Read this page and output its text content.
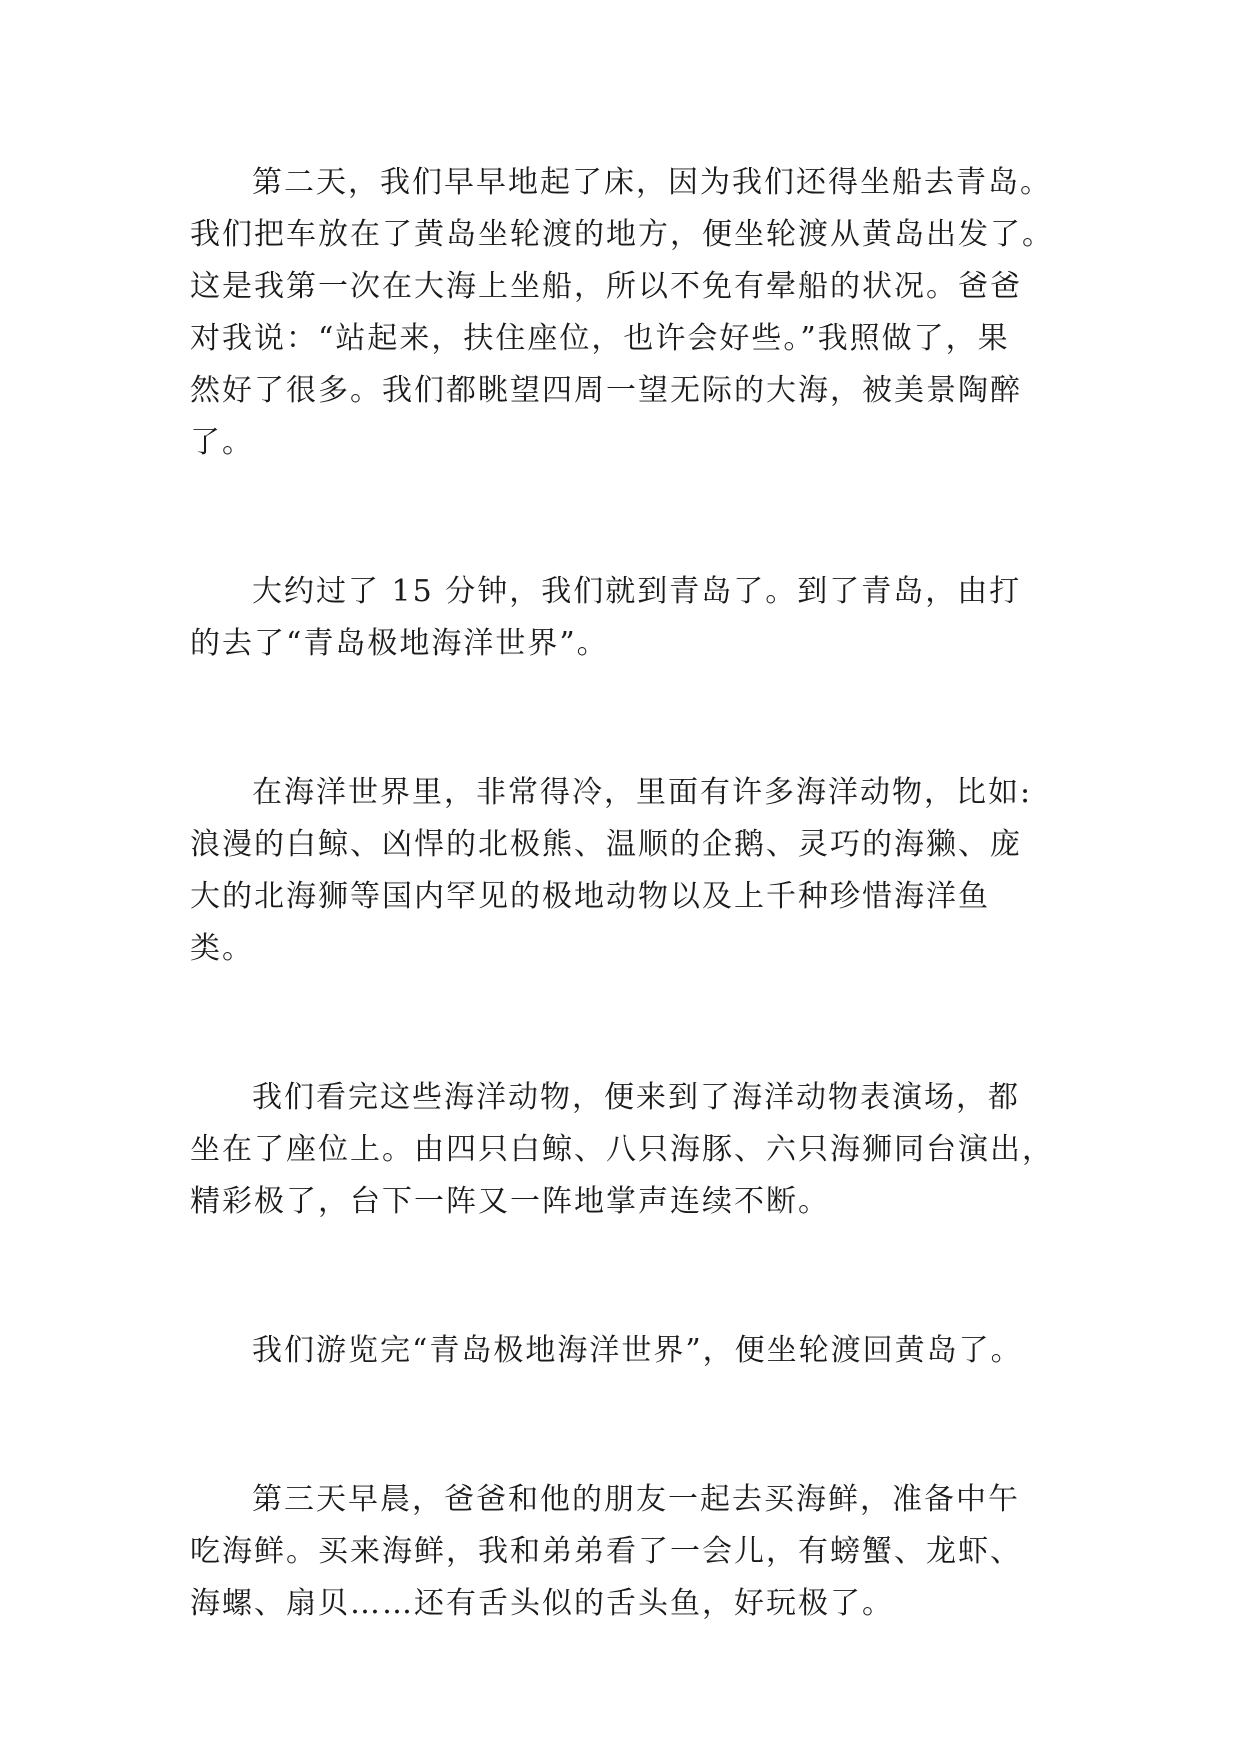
第二天，我们早早地起了床，因为我们还得坐船去青岛。
我们把车放在了黄岛坐轮渡的地方，便坐轮渡从黄岛出发了。
这是我第一次在大海上坐船，所以不免有晕船的状况。爸爸
对我说：“站起来，扶住座位，也许会好些。”我照做了，果
然好了很多。我们都眺望四周一望无际的大海，被美景陶醉
了。

大约过了 15 分钟，我们就到青岛了。到了青岛，由打
的去了“青岛极地海洋世界”。

在海洋世界里，非常得冷，里面有许多海洋动物，比如:
浪漫的白鲸、凶悍的北极熊、温顺的企鹅、灵巧的海獭、庞
大的北海狮等国内罕见的极地动物以及上千种珍惜海洋鱼
类。

我们看完这些海洋动物，便来到了海洋动物表演场，都
坐在了座位上。由四只白鲸、八只海豚、六只海狮同台演出，
精彩极了，台下一阵又一阵地掌声连续不断。

我们游览完“青岛极地海洋世界”，便坐轮渡回黄岛了。

第三天早晨，爸爸和他的朋友一起去买海鲜，准备中午
吃海鲜。买来海鲜，我和弟弟看了一会儿，有螃蟹、龙虾、
海螺、扇贝……还有舌头似的舌头鱼，好玩极了。
